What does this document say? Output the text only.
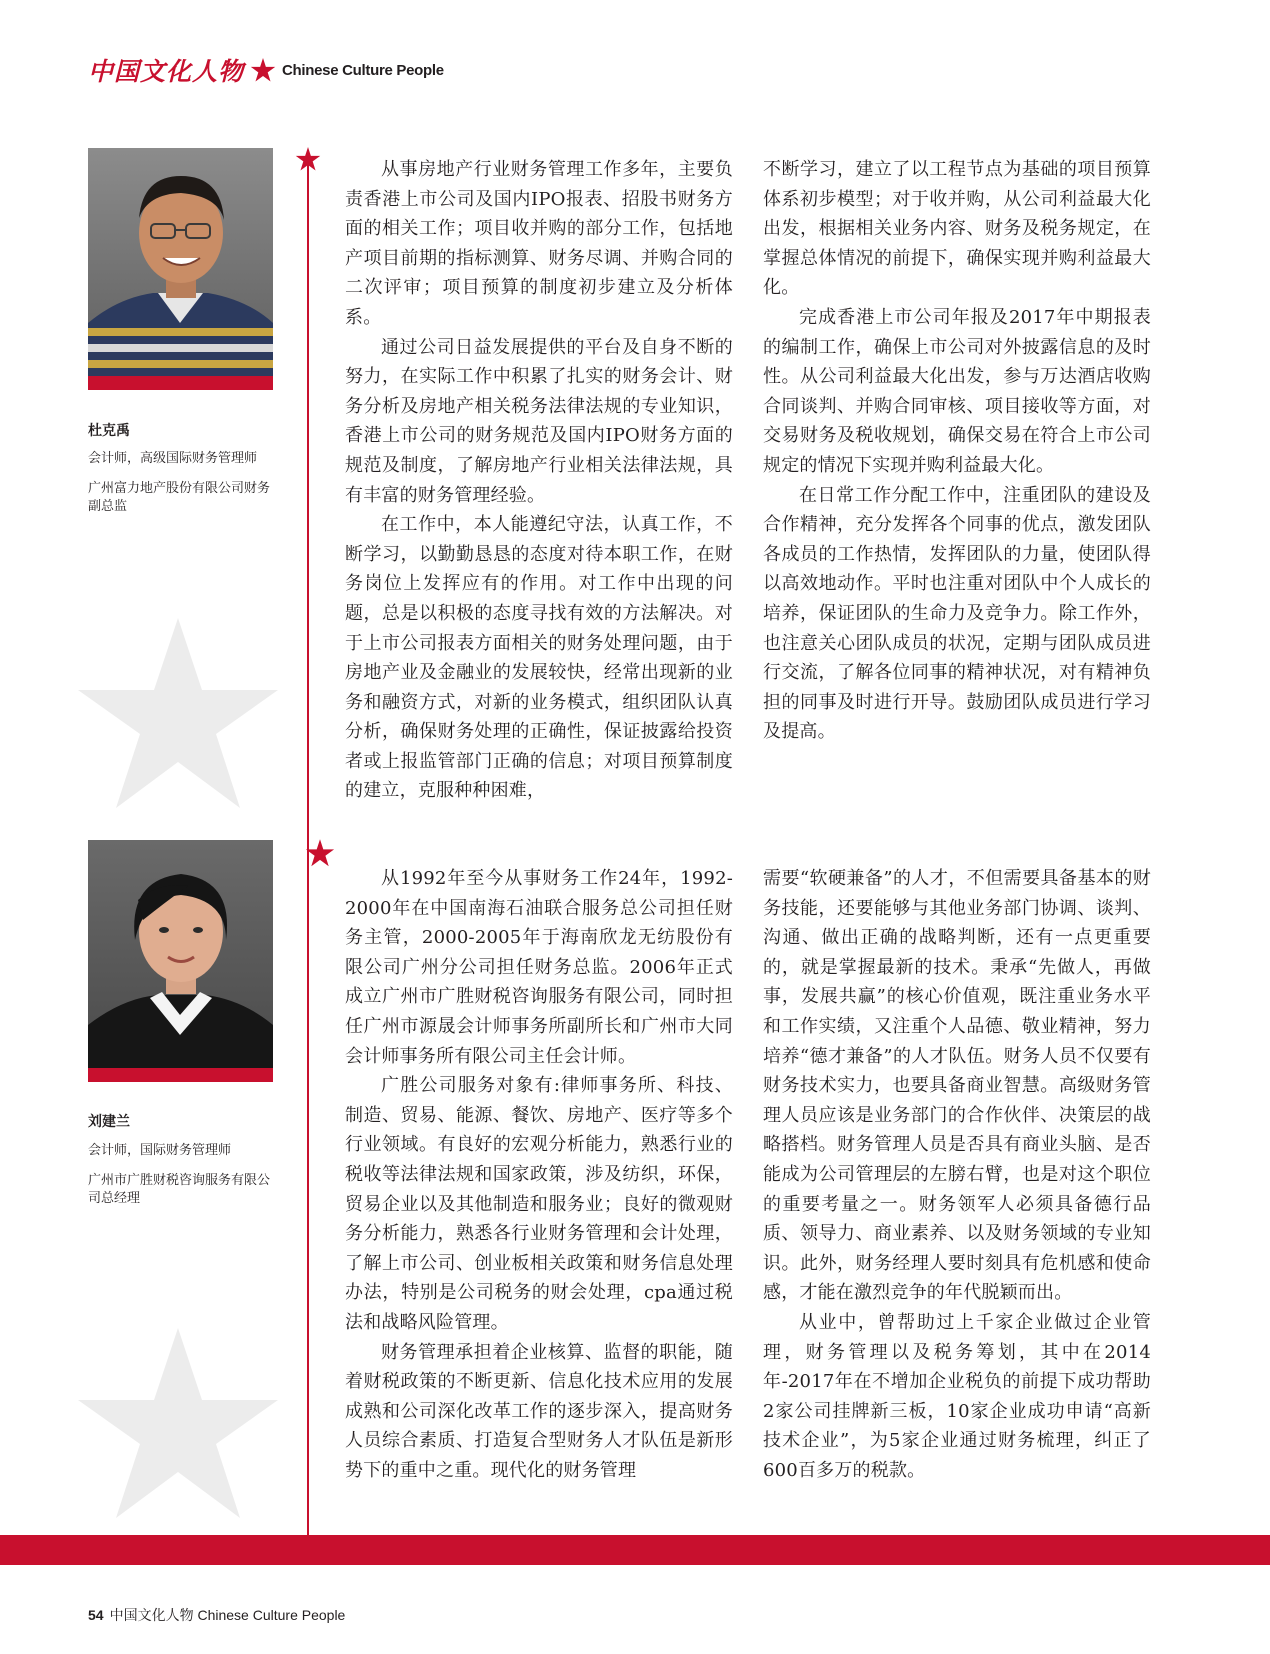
中国文化人物	Chinese Culture People
杜克禹
会计师，高级国际财务管理师
广州富力地产股份有限公司财务副总监

从事房地产行业财务管理工作多年，主要负责香港上市公司及国内IPO报表、招股书财务方面的相关工作；项目收并购的部分工作，包括地产项目前期的指标测算、财务尽调、并购合同的二次评审；项目预算的制度初步建立及分析体系。

通过公司日益发展提供的平台及自身不断的努力，在实际工作中积累了扎实的财务会计、财务分析及房地产相关税务法律法规的专业知识，香港上市公司的财务规范及国内IPO财务方面的规范及制度，了解房地产行业相关法律法规，具有丰富的财务管理经验。

在工作中，本人能遵纪守法，认真工作，不断学习，以勤勤恳恳的态度对待本职工作，在财务岗位上发挥应有的作用。对工作中出现的问题，总是以积极的态度寻找有效的方法解决。对于上市公司报表方面相关的财务处理问题，由于房地产业及金融业的发展较快，经常出现新的业务和融资方式，对新的业务模式，组织团队认真分析，确保财务处理的正确性，保证披露给投资者或上报监管部门正确的信息；对项目预算制度的建立，克服种种困难，

不断学习，建立了以工程节点为基础的项目预算体系初步模型；对于收并购，从公司利益最大化出发，根据相关业务内容、财务及税务规定，在掌握总体情况的前提下，确保实现并购利益最大化。

完成香港上市公司年报及2017年中期报表的编制工作，确保上市公司对外披露信息的及时性。从公司利益最大化出发，参与万达酒店收购合同谈判、并购合同审核、项目接收等方面，对交易财务及税收规划，确保交易在符合上市公司规定的情况下实现并购利益最大化。

在日常工作分配工作中，注重团队的建设及合作精神，充分发挥各个同事的优点，激发团队各成员的工作热情，发挥团队的力量，使团队得以高效地动作。平时也注重对团队中个人成长的培养，保证团队的生命力及竞争力。除工作外，也注意关心团队成员的状况，定期与团队成员进行交流，了解各位同事的精神状况，对有精神负担的同事及时进行开导。鼓励团队成员进行学习及提高。

刘建兰
会计师，国际财务管理师
广州市广胜财税咨询服务有限公司总经理

从1992年至今从事财务工作24年，1992-2000年在中国南海石油联合服务总公司担任财务主管，2000-2005年于海南欣龙无纺股份有限公司广州分公司担任财务总监。2006年正式成立广州市广胜财税咨询服务有限公司，同时担任广州市源晟会计师事务所副所长和广州市大同会计师事务所有限公司主任会计师。

广胜公司服务对象有:律师事务所、科技、制造、贸易、能源、餐饮、房地产、医疗等多个行业领域。有良好的宏观分析能力，熟悉行业的税收等法律法规和国家政策，涉及纺织，环保，贸易企业以及其他制造和服务业；良好的微观财务分析能力，熟悉各行业财务管理和会计处理，了解上市公司、创业板相关政策和财务信息处理办法，特别是公司税务的财会处理，cpa通过税法和战略风险管理。

财务管理承担着企业核算、监督的职能，随着财税政策的不断更新、信息化技术应用的发展成熟和公司深化改革工作的逐步深入，提高财务人员综合素质、打造复合型财务人才队伍是新形势下的重中之重。现代化的财务管理

需要“软硬兼备”的人才，不但需要具备基本的财务技能，还要能够与其他业务部门协调、谈判、沟通、做出正确的战略判断，还有一点更重要的，就是掌握最新的技术。秉承“先做人，再做事，发展共赢”的核心价值观，既注重业务水平和工作实绩，又注重个人品德、敬业精神，努力培养“德才兼备”的人才队伍。财务人员不仅要有财务技术实力，也要具备商业智慧。高级财务管理人员应该是业务部门的合作伙伴、决策层的战略搭档。财务管理人员是否具有商业头脑、是否能成为公司管理层的左膀右臂，也是对这个职位的重要考量之一。财务领军人必须具备德行品质、领导力、商业素养、以及财务领域的专业知识。此外，财务经理人要时刻具有危机感和使命感，才能在激烈竞争的年代脱颖而出。

从业中，曾帮助过上千家企业做过企业管理，财务管理以及税务筹划，其中在2014年-2017年在不增加企业税负的前提下成功帮助2家公司挂牌新三板，10家企业成功申请“高新技术企业”，为5家企业通过财务梳理，纠正了600百多万的税款。

54 中国文化人物 Chinese Culture People
